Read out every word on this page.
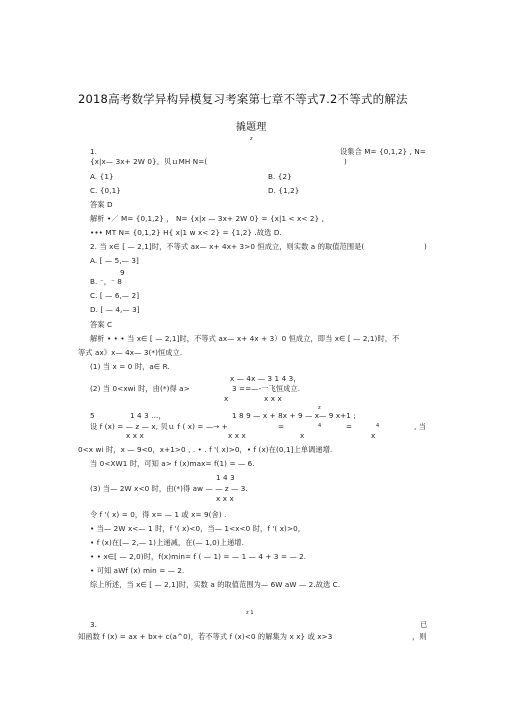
2018高考数学异构异模复习考案第七章不等式7.2不等式的解法
撬题理
z
1.	设集合 M= {0,1,2} , N=
{x|x— 3x+ 2W 0}，贝ｕMH N=(	)
A. {1}	B. {2}
C. {0,1}	D. {1,2}
答案 D
解析 •／ M= {0,1,2} ， N= {x|x — 3x+ 2W 0} = {x|1 < x< 2} ,
••• MT N= {0,1,2} H{ x|1 w x< 2} = {1,2} .故选 D.
2. 当 x∈ [ — 2,1]时，不等式 ax— x+ 4x+ 3>0 恒成立，则实数 a 的取值范围是(	)
A. [ — 5,— 3]
9
B. ⁻，⁻ 8
C. [ — 6,— 2]
D. [ — 4,— 3]
答案 C
解析 • • • 当 x∈ [ — 2,1]时，不等式 ax— x+ 4x + 3）0 恒成立，即当 x∈ [ — 2,1)时，不
等式 ax》x— 4x— 3(*)恒成立.
(1) 当 x = 0 时，a∈ R.
x — 4x — 3 1 4 3，
(2) 当 0<xwi 时，由(*)得 a>	3 ==—-一飞恒成立.
x	x x x
z
5	1 4 3 …，	1 8 9 — x + 8x + 9 — x— 9 x+1 ;
设 f (x) = — z — x, 贝ｕ f ( x) = —→ +	=	4	=	4	, 当
x x x	x x x	x	x
0<x wi 时，x — 9<0，x+1>0 , . • . f '( x)>0，• f (x)在(0,1]上单调递增.
当 0<XW1 时，可知 a> f (x)max= f(1) = — 6.
1 4 3
(3) 当— 2W x<0 时，由(*)得 aw — — z — 3.
x x x
令 f '( x) = 0，得 x= — 1 或 x= 9(舍) .
• 当— 2W x<— 1 时，f '( x)<0，当— 1<x<0 时，f '( x)>0，
• f (x)在[— 2,— 1)上递减，在(— 1,0)上递增.
• • x∈[ — 2,0)时，f(x)min= f ( — 1) = — 1 — 4 + 3 = — 2.
• 可知 aWf (x) min = — 2.
综上所述，当 x∈ [ — 2,1]时，实数 a 的取值范围为— 6W aW — 2.故选 C.
z 1
3.	已
知函数 f (x) = ax + bx+ c(a^0)，若不等式 f (x)<0 的解集为 x x} 或 x>3	，则
